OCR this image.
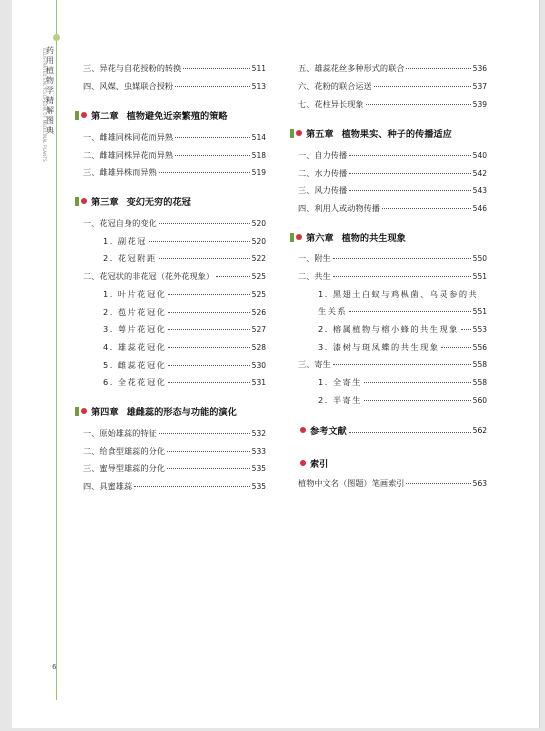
药
用
植
物
学
精
解
图
典
ILLUSTRATED ENCYCLOPEDIA OF MEDICINAL PLANTS
6
三、异花与自花授粉的转换	511
四、风媒、虫媒联合授粉	513
第二章 植物避免近亲繁殖的策略
一、雌雄同株同花而异熟	514
二、雌雄同株异花而异熟	518
三、雌雄异株而异熟	519
第三章 变幻无穷的花冠
一、花冠自身的变化	520
1. 副花冠	520
2. 花冠附距	522
二、花冠状的非花冠（花外花现象）	525
1. 叶片花冠化	525
2. 苞片花冠化	526
3. 萼片花冠化	527
4. 雄蕊花冠化	528
5. 雌蕊花冠化	530
6. 全花花冠化	531
第四章 雄雌蕊的形态与功能的演化
一、原始雄蕊的特征	532
二、给食型雄蕊的分化	533
三、蜜导型雄蕊的分化	535
四、具蜜雄蕊	535
五、雄蕊花丝多种形式的联合	536
六、花粉的联合运送	537
七、花柱异长现象	539
第五章 植物果实、种子的传播适应
一、自力传播	540
二、水力传播	542
三、风力传播	543
四、利用人或动物传播	546
第六章 植物的共生现象
一、附生	550
二、共生	551
1. 黑翅土白蚁与鸡枞菌、乌灵参的共
生关系	551
2. 榕属植物与榕小蜂的共生现象 553
3. 漆树与斑凤蝶的共生现象	556
三、寄生	558
1. 全寄生	558
2. 半寄生	560
参考文献	562
索引
植物中文名（图题）笔画索引	563
